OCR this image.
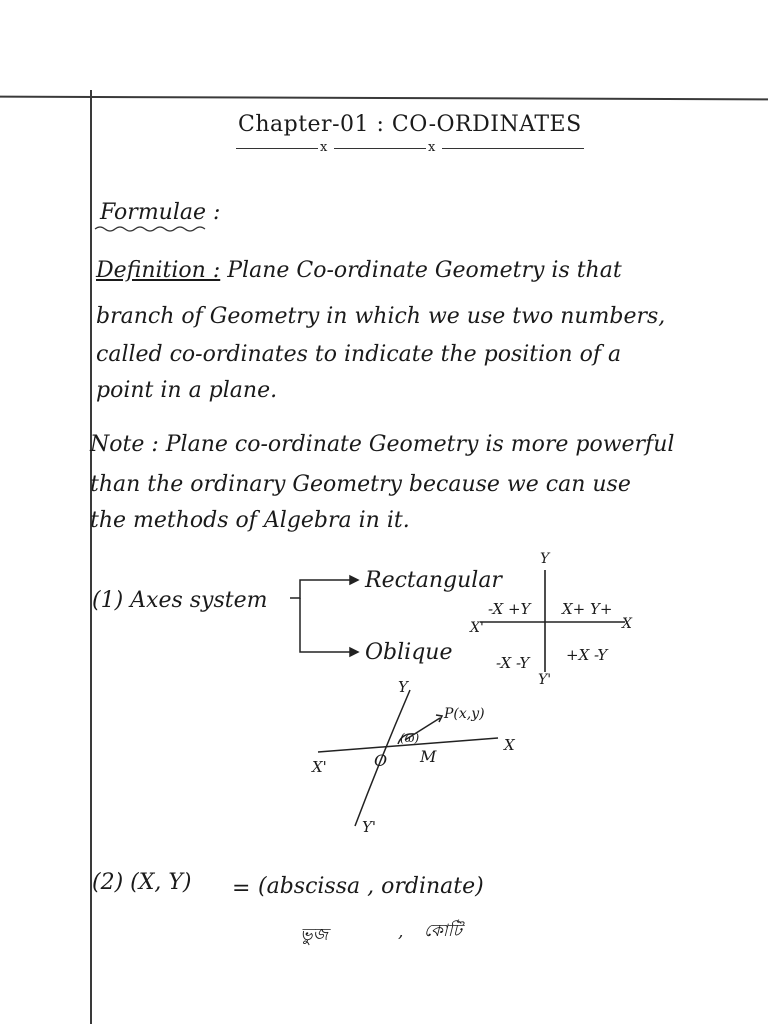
Chapter-01 : CO-ORDINATES
x	x
Formulae :
Definition : Plane Co-ordinate Geometry is that
branch of Geometry in which we use two numbers,
called co-ordinates to indicate the position of a
point in a plane.
Note : Plane co-ordinate Geometry is more powerful
than the ordinary Geometry because we can use
the methods of Algebra in it.
(1) Axes system
Rectangular
Oblique
Y
X'	X
Y'
-X +Y X+ Y+
-X -Y +X -Y
Y
X'	O M
X
Y'
(ω)
P(x,y)
(2) (X, Y) = (abscissa , ordinate)
ভুজ	, কোটি
